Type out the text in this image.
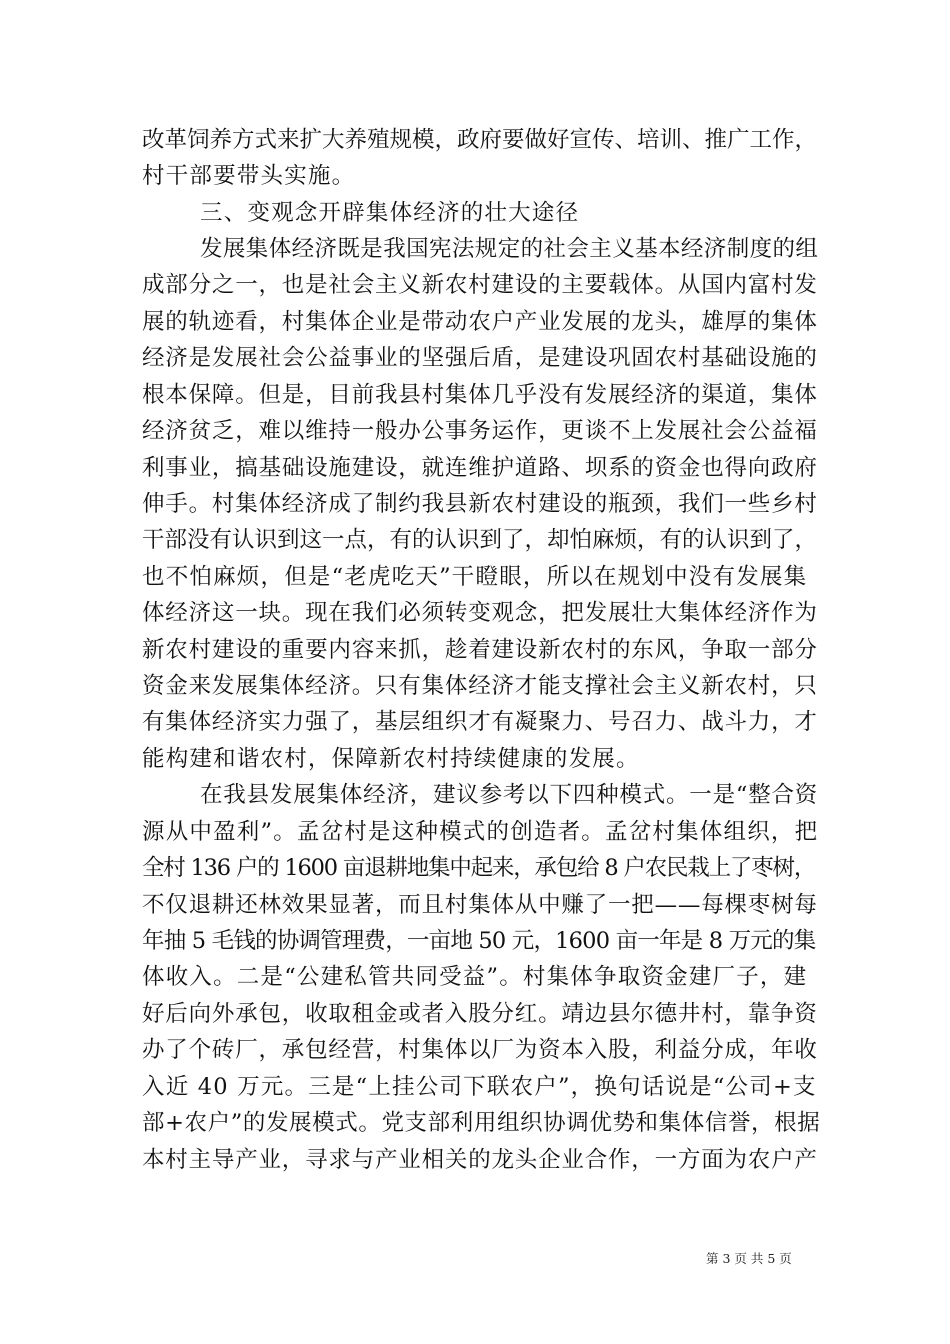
改革饲养方式来扩大养殖规模，政府要做好宣传、培训、推广工作，
村干部要带头实施。
三、变观念开辟集体经济的壮大途径
发展集体经济既是我国宪法规定的社会主义基本经济制度的组
成部分之一，也是社会主义新农村建设的主要载体。从国内富村发
展的轨迹看，村集体企业是带动农户产业发展的龙头，雄厚的集体
经济是发展社会公益事业的坚强后盾，是建设巩固农村基础设施的
根本保障。但是，目前我县村集体几乎没有发展经济的渠道，集体
经济贫乏，难以维持一般办公事务运作，更谈不上发展社会公益福
利事业，搞基础设施建设，就连维护道路、坝系的资金也得向政府
伸手。村集体经济成了制约我县新农村建设的瓶颈，我们一些乡村
干部没有认识到这一点，有的认识到了，却怕麻烦，有的认识到了，
也不怕麻烦，但是“老虎吃天”干瞪眼，所以在规划中没有发展集
体经济这一块。现在我们必须转变观念，把发展壮大集体经济作为
新农村建设的重要内容来抓，趁着建设新农村的东风，争取一部分
资金来发展集体经济。只有集体经济才能支撑社会主义新农村，只
有集体经济实力强了，基层组织才有凝聚力、号召力、战斗力，才
能构建和谐农村，保障新农村持续健康的发展。
在我县发展集体经济，建议参考以下四种模式。一是“整合资
源从中盈利”。孟岔村是这种模式的创造者。孟岔村集体组织，把
全村 136 户的 1600 亩退耕地集中起来，承包给 8 户农民栽上了枣树，
不仅退耕还林效果显著，而且村集体从中赚了一把——每棵枣树每
年抽 5 毛钱的协调管理费，一亩地 50 元，1600 亩一年是 8 万元的集
体收入。二是“公建私管共同受益”。村集体争取资金建厂子，建
好后向外承包，收取租金或者入股分红。靖边县尔德井村，靠争资
办了个砖厂，承包经营，村集体以厂为资本入股，利益分成，年收
入近 40 万元。三是“上挂公司下联农户”，换句话说是“公司+支
部+农户”的发展模式。党支部利用组织协调优势和集体信誉，根据
本村主导产业，寻求与产业相关的龙头企业合作，一方面为农户产
第 3 页 共 5 页
